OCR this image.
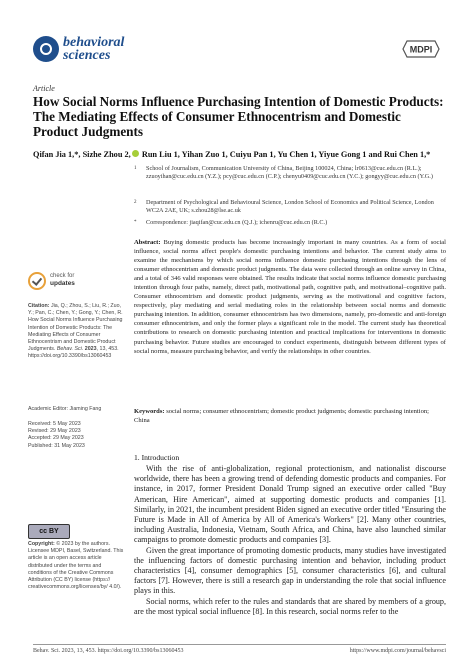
behavioral
sciences	MDPI
Article
How Social Norms Influence Purchasing Intention of Domestic Products: The Mediating Effects of Consumer Ethnocentrism and Domestic Product Judgments
Qifan Jia 1,*, Sizhe Zhou 2, Run Liu 1, Yihan Zuo 1, Cuiyu Pan 1, Yu Chen 1, Yiyue Gong 1 and Rui Chen 1,*
1	School of Journalism, Communication University of China, Beijing 100024, China; lr0613@cuc.edu.cn (R.L.); zzuoyihan@cuc.edu.cn (Y.Z.); pcy@cuc.edu.cn (C.P.); chenyu0409@cuc.edu.cn (Y.C.); gongyy@cuc.edu.cn (Y.G.)
2	Department of Psychological and Behavioural Science, London School of Economics and Political Science, London WC2A 2AE, UK; s.zhou28@lse.ac.uk
*	Correspondence: jiaqifan@cuc.edu.cn (Q.J.); ichenru@cuc.edu.cn (R.C.)
Abstract: Buying domestic products has become increasingly important in many countries. As a form of social influence, social norms affect people's domestic purchasing intentions and behavior. The current study aims to examine the mechanisms by which social norms influence domestic purchasing intentions through the lens of consumer ethnocentrism and domestic product judgments. The data were collected through an online survey in China, and a total of 346 valid responses were obtained. The results indicate that social norms influence domestic purchasing intention through four paths, namely, direct path, motivational path, cognitive path, and motivational–cognitive path. Consumer ethnocentrism and domestic product judgments, serving as the motivational and cognitive factors, respectively, play mediating and serial mediating roles in the relationship between social norms and domestic purchasing intention. In addition, consumer ethnocentrism has two dimensions, namely, pro-domestic and anti-foreign consumer ethnocentrism, and only the former plays a significant role in the model. The current study has theoretical contributions to research on domestic purchasing intention and practical implications for interventions in domestic purchasing behavior. Future studies are encouraged to conduct experiments, distinguish between different types of social norms, measure purchasing behavior, and verify the relationships in other countries.
Keywords: social norms; consumer ethnocentrism; domestic product judgments; domestic purchasing intention; China
check for
updates
Citation: Jia, Q.; Zhou, S.; Liu, R.; Zuo, Y.; Pan, C.; Chen, Y.; Gong, Y.; Chen, R. How Social Norms Influence Purchasing Intention of Domestic Products: The Mediating Effects of Consumer Ethnocentrism and Domestic Product Judgments. Behav. Sci. 2023, 13, 453. https://doi.org/10.3390/bs13060453
Academic Editor: Jiaming Fang
Received: 5 May 2023
Revised: 29 May 2023
Accepted: 29 May 2023
Published: 31 May 2023
cc BY
Copyright: © 2023 by the authors. Licensee MDPI, Basel, Switzerland. This article is an open access article distributed under the terms and conditions of the Creative Commons Attribution (CC BY) license (https:// creativecommons.org/licenses/by/ 4.0/).
1. Introduction

With the rise of anti-globalization, regional protectionism, and nationalist discourse worldwide, there has been a growing trend of defending domestic products and companies. For instance, in 2017, former President Donald Trump signed an executive order called "Buy American, Hire American", aimed at supporting domestic products and companies [1]. Similarly, in 2021, the incumbent president Biden signed an executive order titled "Ensuring the Future is Made in All of America by All of America's Workers" [2]. Many other countries, including Australia, Indonesia, Vietnam, South Africa, and China, have also launched similar campaigns to promote domestic products and companies [3].

Given the great importance of promoting domestic products, many studies have investigated the influencing factors of domestic purchasing intention and behavior, including product characteristics [4], consumer demographics [5], consumer characteristics [6], and cultural factors [7]. However, there is still a research gap in understanding the role that social influence plays in this.

Social norms, which refer to the rules and standards that are shared by members of a group, are the most typical social influence [8]. In this research, social norms refer to the

Behav. Sci. 2023, 13, 453. https://doi.org/10.3390/bs13060453	https://www.mdpi.com/journal/behavsci
